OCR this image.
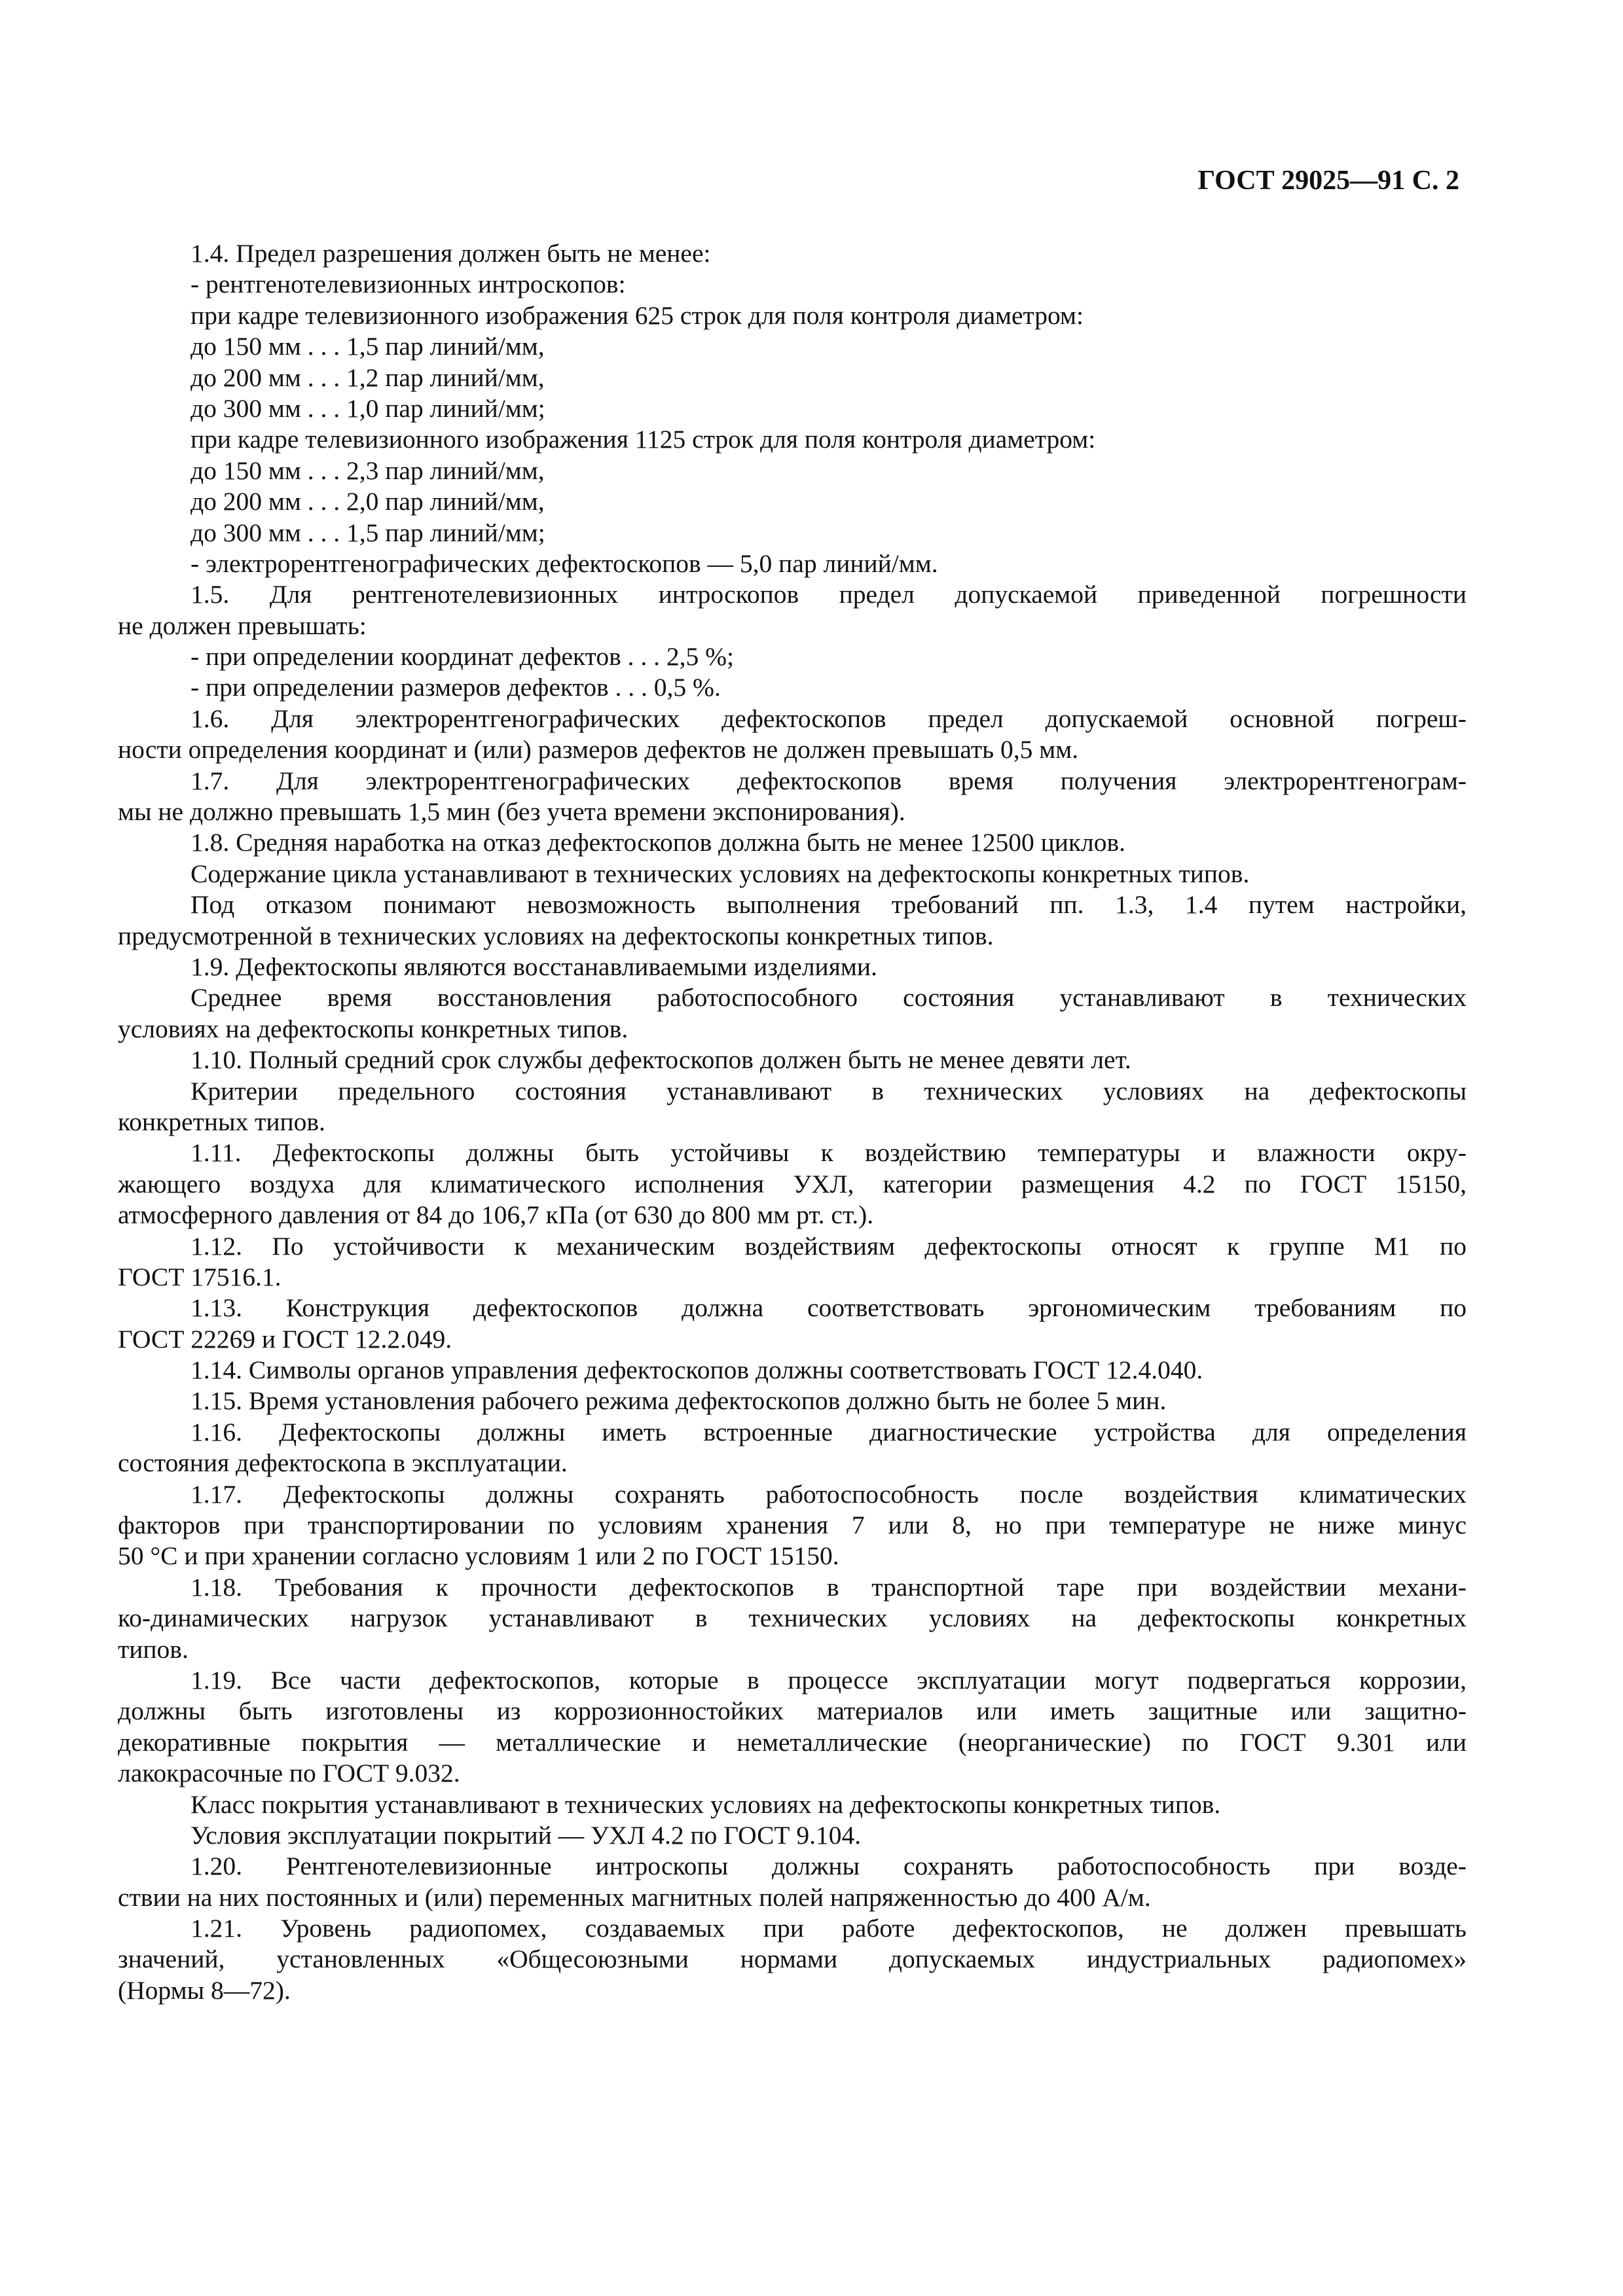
ГОСТ 29025—91 С. 2
1.4. Предел разрешения должен быть не менее:
- рентгенотелевизионных интроскопов:
при кадре телевизионного изображения 625 строк для поля контроля диаметром:
до 150 мм . . . 1,5 пар линий/мм,
до 200 мм . . . 1,2 пар линий/мм,
до 300 мм . . . 1,0 пар линий/мм;
при кадре телевизионного изображения 1125 строк для поля контроля диаметром:
до 150 мм . . . 2,3 пар линий/мм,
до 200 мм . . . 2,0 пар линий/мм,
до 300 мм . . . 1,5 пар линий/мм;
- электрорентгенографических дефектоскопов — 5,0 пар линий/мм.
1.5. Для рентгенотелевизионных интроскопов предел допускаемой приведенной погрешности
не должен превышать:
- при определении координат дефектов . . . 2,5 %;
- при определении размеров дефектов . . . 0,5 %.
1.6. Для электрорентгенографических дефектоскопов предел допускаемой основной погреш-
ности определения координат и (или) размеров дефектов не должен превышать 0,5 мм.
1.7. Для электрорентгенографических дефектоскопов время получения электрорентгенограм-
мы не должно превышать 1,5 мин (без учета времени экспонирования).
1.8. Средняя наработка на отказ дефектоскопов должна быть не менее 12500 циклов.
Содержание цикла устанавливают в технических условиях на дефектоскопы конкретных типов.
Под отказом понимают невозможность выполнения требований пп. 1.3, 1.4 путем настройки,
предусмотренной в технических условиях на дефектоскопы конкретных типов.
1.9. Дефектоскопы являются восстанавливаемыми изделиями.
Среднее время восстановления работоспособного состояния устанавливают в технических
условиях на дефектоскопы конкретных типов.
1.10. Полный средний срок службы дефектоскопов должен быть не менее девяти лет.
Критерии предельного состояния устанавливают в технических условиях на дефектоскопы
конкретных типов.
1.11. Дефектоскопы должны быть устойчивы к воздействию температуры и влажности окру-
жающего воздуха для климатического исполнения УХЛ, категории размещения 4.2 по ГОСТ 15150,
атмосферного давления от 84 до 106,7 кПа (от 630 до 800 мм рт. ст.).
1.12. По устойчивости к механическим воздействиям дефектоскопы относят к группе М1 по
ГОСТ 17516.1.
1.13. Конструкция дефектоскопов должна соответствовать эргономическим требованиям по
ГОСТ 22269 и ГОСТ 12.2.049.
1.14. Символы органов управления дефектоскопов должны соответствовать ГОСТ 12.4.040.
1.15. Время установления рабочего режима дефектоскопов должно быть не более 5 мин.
1.16. Дефектоскопы должны иметь встроенные диагностические устройства для определения
состояния дефектоскопа в эксплуатации.
1.17. Дефектоскопы должны сохранять работоспособность после воздействия климатических
факторов при транспортировании по условиям хранения 7 или 8, но при температуре не ниже минус
50 °С и при хранении согласно условиям 1 или 2 по ГОСТ 15150.
1.18. Требования к прочности дефектоскопов в транспортной таре при воздействии механи-
ко-динамических нагрузок устанавливают в технических условиях на дефектоскопы конкретных
типов.
1.19. Все части дефектоскопов, которые в процессе эксплуатации могут подвергаться коррозии,
должны быть изготовлены из коррозионностойких материалов или иметь защитные или защитно-
декоративные покрытия — металлические и неметаллические (неорганические) по ГОСТ 9.301 или
лакокрасочные по ГОСТ 9.032.
Класс покрытия устанавливают в технических условиях на дефектоскопы конкретных типов.
Условия эксплуатации покрытий — УХЛ 4.2 по ГОСТ 9.104.
1.20. Рентгенотелевизионные интроскопы должны сохранять работоспособность при возде-
ствии на них постоянных и (или) переменных магнитных полей напряженностью до 400 А/м.
1.21. Уровень радиопомех, создаваемых при работе дефектоскопов, не должен превышать
значений, установленных «Общесоюзными нормами допускаемых индустриальных радиопомех»
(Нормы 8—72).
